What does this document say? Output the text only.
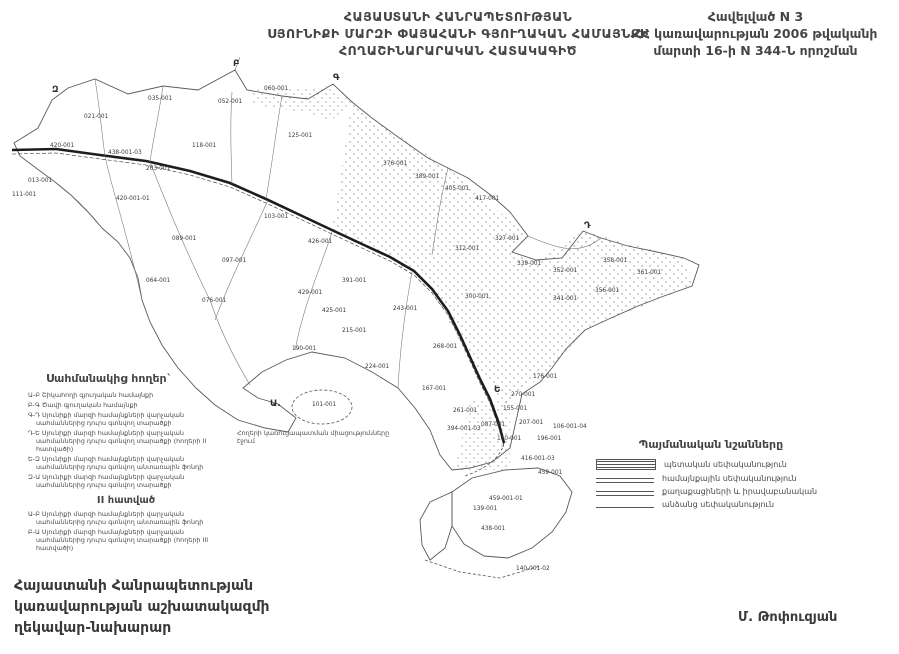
021-001
035-001	052-001
060-001
118-001
125-001
420-001
438-001-03
263-001
420-001-01
013-001
111-001
103-001
089-001
097-001
064-001
076-001
426-001
429-001
391-001
425-001
190-001
215-001
224-001
243-001
167-001
376-001
389-001
405-001
417-001
312-001
327-001
339-001
352-001
358-001
361-001
341-001
356-001
300-001
268-001
176-001
270-001
261-001
394-001-03
087-001 207-001
140-001	196-001
106-001-04
416-001-03
155-001
101-001
459-001
459-001-01
139-001
438-001
140-001-02
Զ
Բ
Գ
Դ
Ե
Ա.
ՀԱՅԱՍՏԱՆԻ ՀԱՆՐԱՊԵՏՈՒԹՅԱՆ
ՍՅՈՒՆԻՔԻ ՄԱՐԶԻ ՓԱՅԱՀԱՆԻ ԳՅՈՒՂԱԿԱՆ ՀԱՄԱՅՆՔԻ
ՀՈՂԱՇԻՆԱՐԱՐԱԿԱՆ ՀԱՏԱԿԱԳԻԾ
Հավելված N 3
ՀՀ կառավարության 2006 թվականի
մարտի 16-ի N 344-Ն որոշման
Սահմանակից հողեր`
Ա-Բ Շիկահողի գյուղական համայնքի
Բ-Գ Ծավի գյուղական համայնքի
Գ-Դ Սյունիքի մարզի համայնքների վարչական սահմաններից դուրս գտնվող տարածքի
Դ-Ե Սյունիքի մարզի համայնքների վարչական սահմաններից դուրս գտնվող տարածքի (հողերի II հատվածի)
Ե-Զ Սյունիքի մարզի համայնքների վարչական սահմաններից դուրս գտնվող անտառային ֆոնդի
Զ-Ա Սյունիքի մարզի համայնքների վարչական սահմաններից դուրս գտնվող տարածքի
II հատված
Ա-Բ Սյունիքի մարզի համայնքների վարչական սահմաններից դուրս գտնվող անտառային ֆոնդի
Բ-Ա Սյունիքի մարզի համայնքների վարչական սահմաններից դուրս գտնվող տարածքի (հողերի III հատվածի)
Հողերի կառուցապատման միացությունները էջում	Պայմանական նշանները
պետական սեփականություն
համայնքային սեփականություն
քաղաքացիների և իրավաբանական
անձանց սեփականություն
Հայաստանի Հանրապետության
կառավարության աշխատակազմի
ղեկավար-նախարար
Մ. Թոփուզյան
